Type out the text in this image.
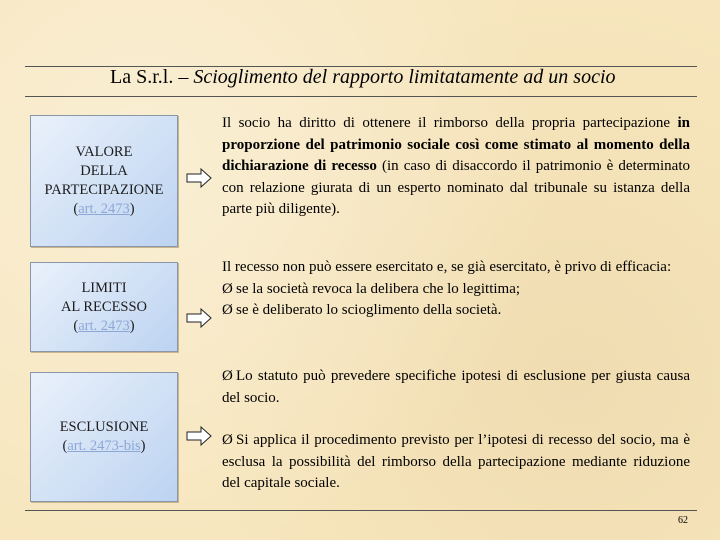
La S.r.l. – Scioglimento del rapporto limitatamente ad un socio
VALORE
DELLA
PARTECIPAZIONE
(art. 2473)
LIMITI
AL RECESSO
(art. 2473)
ESCLUSIONE
(art. 2473-bis)

Il socio ha diritto di ottenere il rimborso della propria partecipazione in proporzione del patrimonio sociale così come stimato al momento della dichiarazione di recesso (in caso di disaccordo il patrimonio è determinato con relazione giurata di un esperto nominato dal tribunale su istanza della parte più diligente).

Il recesso non può essere esercitato e, se già esercitato, è privo di efficacia:

Ø se la società revoca la delibera che lo legittima;

Ø se è deliberato lo scioglimento della società.

Ø Lo statuto può prevedere specifiche ipotesi di esclusione per giusta causa del socio.

Ø Si applica il procedimento previsto per l’ipotesi di recesso del socio, ma è esclusa la possibilità del rimborso della partecipazione mediante riduzione del capitale sociale.

62
